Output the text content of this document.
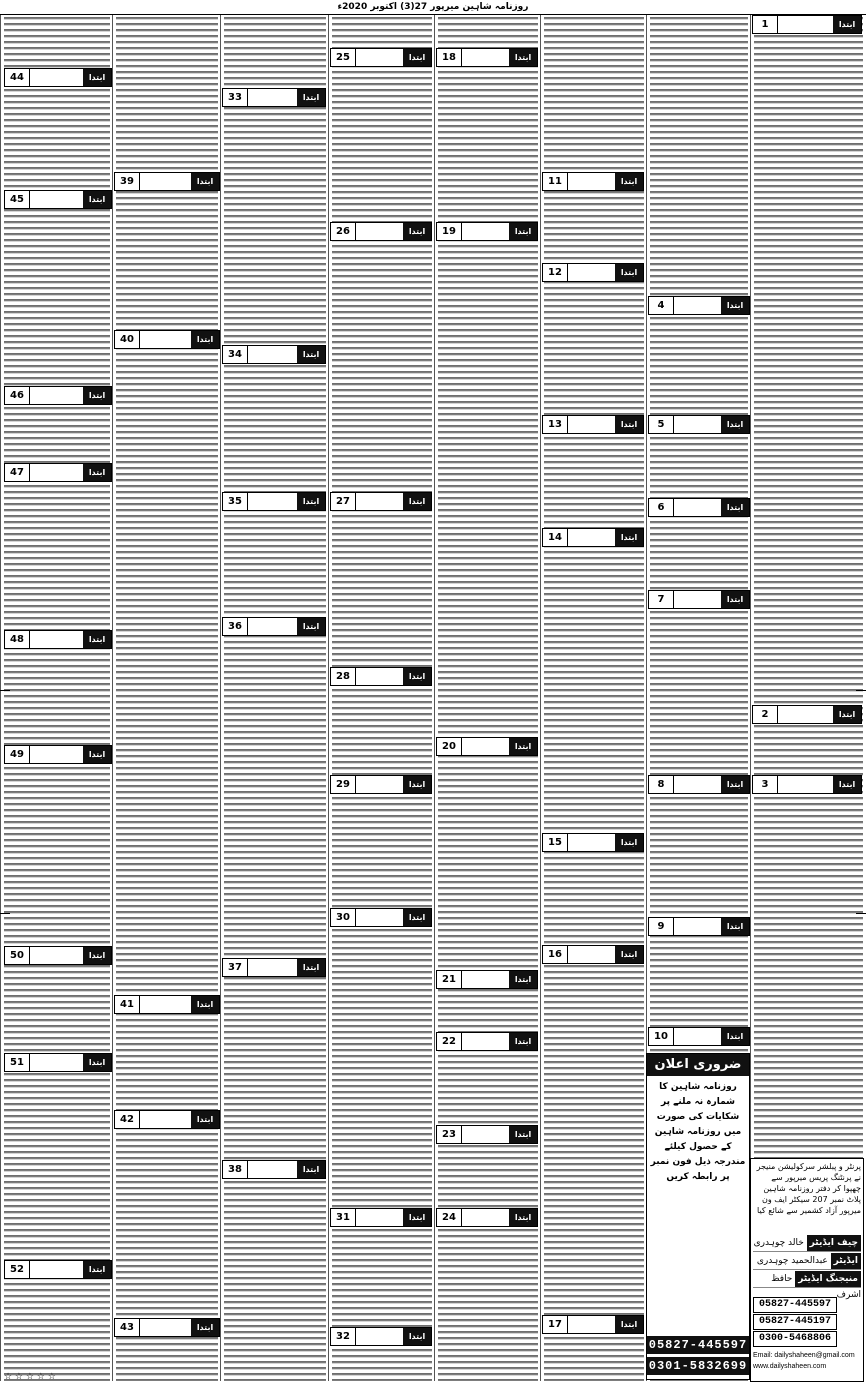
روزنامہ شاہین میرپور 27(3) اکتوبر 2020ء
1	ابتدا
2	ابتدا
3	ابتدا
4	ابتدا
5	ابتدا
6	ابتدا
7	ابتدا
8	ابتدا
9	ابتدا
10	ابتدا
11	ابتدا
12	ابتدا
13	ابتدا
14	ابتدا
15	ابتدا
16	ابتدا
17	ابتدا
18	ابتدا
19	ابتدا
20	ابتدا
21	ابتدا
22	ابتدا
23	ابتدا
24	ابتدا
25	ابتدا
26	ابتدا
27	ابتدا
28	ابتدا
29	ابتدا
30	ابتدا
31	ابتدا
32	ابتدا
33	ابتدا
34	ابتدا
35	ابتدا
36	ابتدا
37	ابتدا
38	ابتدا
39	ابتدا
40	ابتدا
41	ابتدا
42	ابتدا
43	ابتدا
44	ابتدا
45	ابتدا
46	ابتدا
47	ابتدا
48	ابتدا
49	ابتدا
50	ابتدا
51	ابتدا
52	ابتدا
ضروری اعلان
روزنامہ شاہین کا شمارہ نہ ملنے پر شکایات کی صورت میں روزنامہ شاہین کے حصول کیلئے مندرجہ ذیل فون نمبر پر رابطہ کریں
05827-445597
0301-5832699
پرنٹر و پبلشر سرکولیشن منیجر نے پرنٹنگ پریس میرپور سے چھپوا کر دفتر روزنامہ شاہین پلاٹ نمبر 207 سیکٹر ایف ون میرپور آزاد کشمیر سے شائع کیا
چیف ایڈیٹر خالد چوہدری
ایڈیٹر عبدالحمید چوہدری
منیجنگ ایڈیٹر حافظ اشرف
05827-445597
05827-445197
0300-5468806
Email: dailyshaheen@gmail.com
www.dailyshaheen.com
☆ ☆ ☆ ☆ ☆
